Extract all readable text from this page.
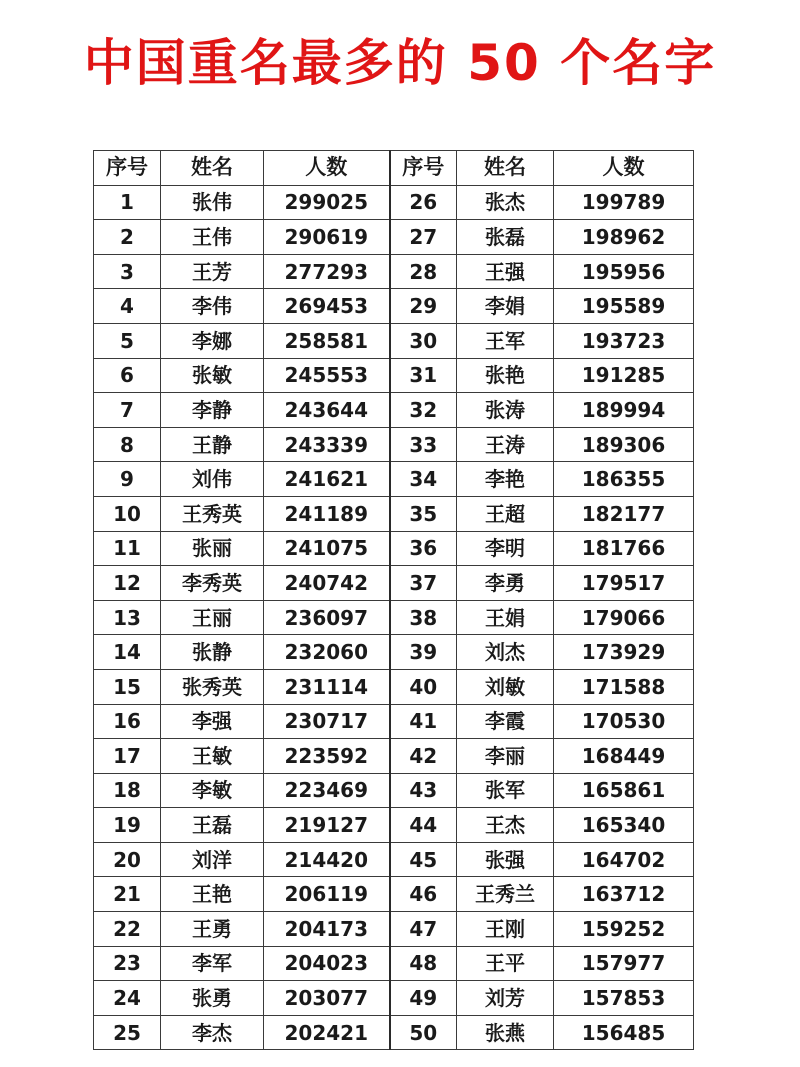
中国重名最多的 50 个名字
序号	姓名	人数	序号	姓名	人数
1	张伟	299025	26	张杰	199789
2	王伟	290619	27	张磊	198962
3	王芳	277293	28	王强	195956
4	李伟	269453	29	李娟	195589
5	李娜	258581	30	王军	193723
6	张敏	245553	31	张艳	191285
7	李静	243644	32	张涛	189994
8	王静	243339	33	王涛	189306
9	刘伟	241621	34	李艳	186355
10	王秀英	241189	35	王超	182177
11	张丽	241075	36	李明	181766
12	李秀英	240742	37	李勇	179517
13	王丽	236097	38	王娟	179066
14	张静	232060	39	刘杰	173929
15	张秀英	231114	40	刘敏	171588
16	李强	230717	41	李霞	170530
17	王敏	223592	42	李丽	168449
18	李敏	223469	43	张军	165861
19	王磊	219127	44	王杰	165340
20	刘洋	214420	45	张强	164702
21	王艳	206119	46	王秀兰	163712
22	王勇	204173	47	王刚	159252
23	李军	204023	48	王平	157977
24	张勇	203077	49	刘芳	157853
25	李杰	202421	50	张燕	156485
